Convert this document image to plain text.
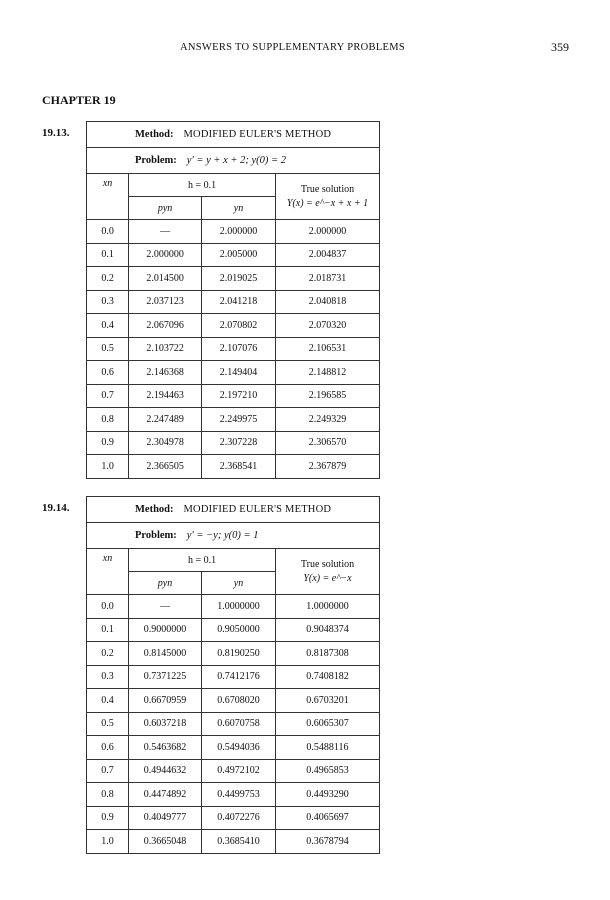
ANSWERS TO SUPPLEMENTARY PROBLEMS	359
CHAPTER 19
19.13.	Method: MODIFIED EULER'S METHOD			
Problem: y′ = y + x + 2; y(0) = 2			
xn	h = 0.1		True solution
Y(x) = e^−x + x + 1

	pyn	yn	
0.0	—	2.000000	2.000000
0.1	2.000000	2.005000	2.004837
0.2	2.014500	2.019025	2.018731
0.3	2.037123	2.041218	2.040818
0.4	2.067096	2.070802	2.070320
0.5	2.103722	2.107076	2.106531
0.6	2.146368	2.149404	2.148812
0.7	2.194463	2.197210	2.196585
0.8	2.247489	2.249975	2.249329
0.9	2.304978	2.307228	2.306570
1.0	2.366505	2.368541	2.367879
19.14.	Method: MODIFIED EULER'S METHOD			
Problem: y′ = −y; y(0) = 1			
xn	h = 0.1		True solution
Y(x) = e^−x

	pyn	yn	
0.0	—	1.0000000	1.0000000
0.1	0.9000000	0.9050000	0.9048374
0.2	0.8145000	0.8190250	0.8187308
0.3	0.7371225	0.7412176	0.7408182
0.4	0.6670959	0.6708020	0.6703201
0.5	0.6037218	0.6070758	0.6065307
0.6	0.5463682	0.5494036	0.5488116
0.7	0.4944632	0.4972102	0.4965853
0.8	0.4474892	0.4499753	0.4493290
0.9	0.4049777	0.4072276	0.4065697
1.0	0.3665048	0.3685410	0.3678794
